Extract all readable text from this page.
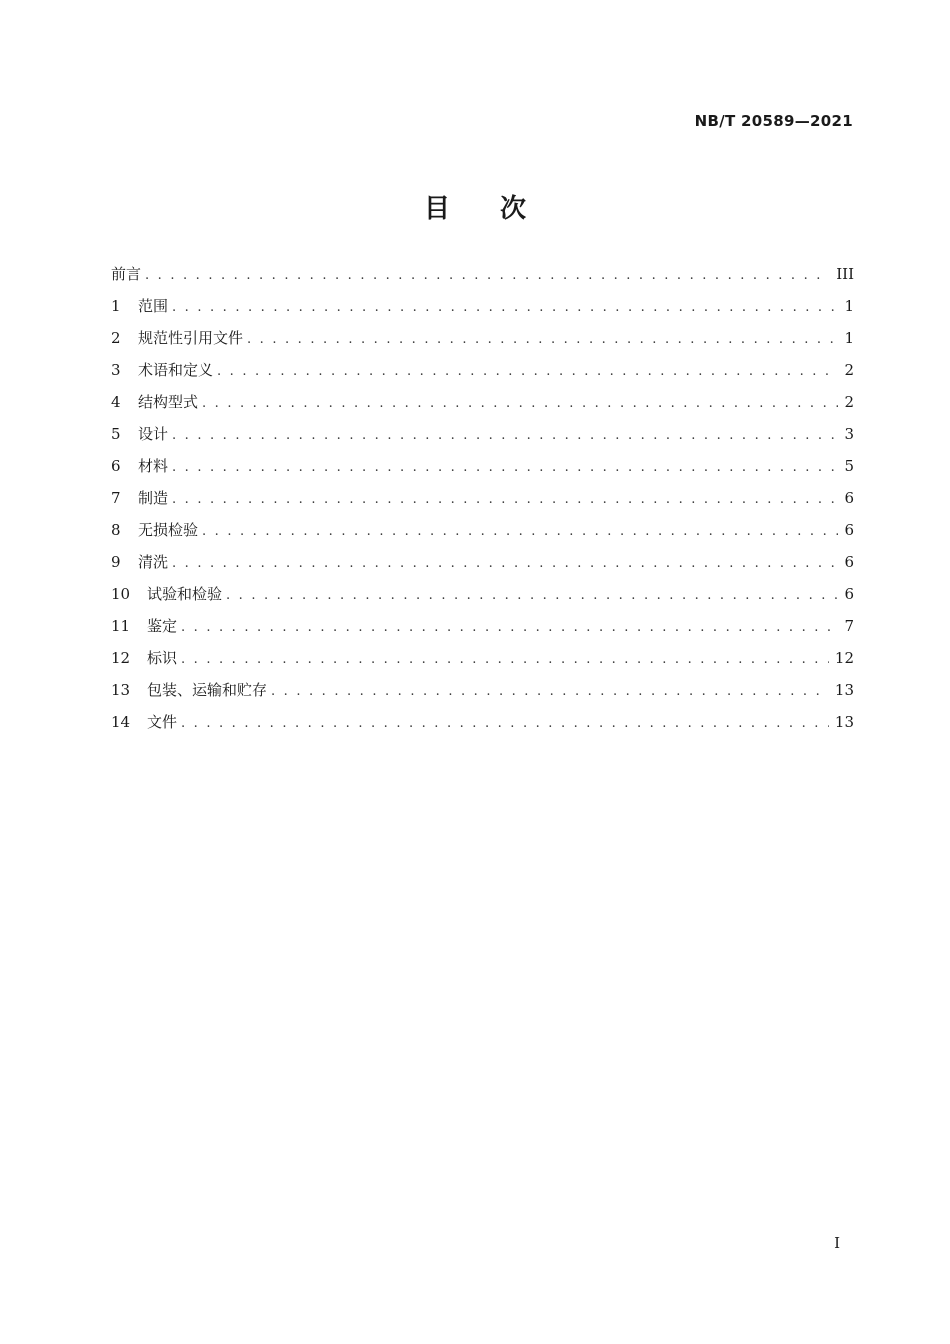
NB/T 20589—2021
目 次
前言 . . .	III
1	范围 . . .	1
2	规范性引用文件 . . .	1
3	术语和定义 . . .	2
4	结构型式 . . .	2
5	设计 . . .	3
6	材料 . . .	5
7	制造 . . .	6
8	无损检验 . . .	6
9	清洗 . . .	6
10	试验和检验 . . .	6
11	鉴定 . . .	7
12	标识 . . .	12
13	包装、运输和贮存 . . .	13
14	文件 . . .	13
I
